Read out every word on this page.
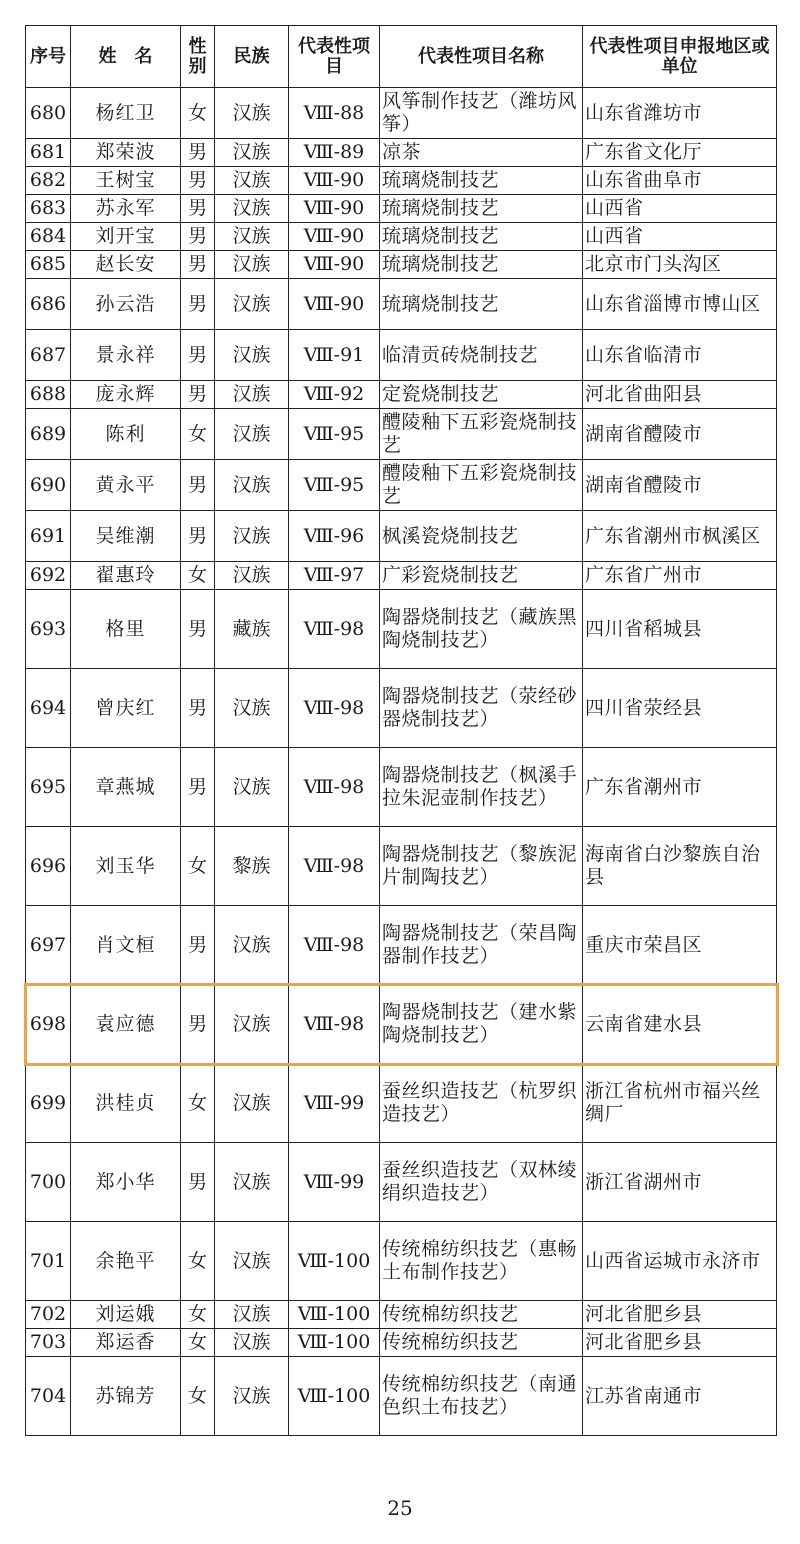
序号	姓　名	性别	民族	代表性项目	代表性项目名称	代表性项目申报地区或单位
680	杨红卫	女	汉族	Ⅷ-88	风筝制作技艺（潍坊风筝）	山东省潍坊市
681	郑荣波	男	汉族	Ⅷ-89	凉茶	广东省文化厅
682	王树宝	男	汉族	Ⅷ-90	琉璃烧制技艺	山东省曲阜市
683	苏永军	男	汉族	Ⅷ-90	琉璃烧制技艺	山西省
684	刘开宝	男	汉族	Ⅷ-90	琉璃烧制技艺	山西省
685	赵长安	男	汉族	Ⅷ-90	琉璃烧制技艺	北京市门头沟区
686	孙云浩	男	汉族	Ⅷ-90	琉璃烧制技艺	山东省淄博市博山区
687	景永祥	男	汉族	Ⅷ-91	临清贡砖烧制技艺	山东省临清市
688	庞永辉	男	汉族	Ⅷ-92	定瓷烧制技艺	河北省曲阳县
689	陈利	女	汉族	Ⅷ-95	醴陵釉下五彩瓷烧制技艺	湖南省醴陵市
690	黄永平	男	汉族	Ⅷ-95	醴陵釉下五彩瓷烧制技艺	湖南省醴陵市
691	吴维潮	男	汉族	Ⅷ-96	枫溪瓷烧制技艺	广东省潮州市枫溪区
692	翟惠玲	女	汉族	Ⅷ-97	广彩瓷烧制技艺	广东省广州市
693	格里	男	藏族	Ⅷ-98	陶器烧制技艺（藏族黑陶烧制技艺）	四川省稻城县
694	曾庆红	男	汉族	Ⅷ-98	陶器烧制技艺（荥经砂器烧制技艺）	四川省荥经县
695	章燕城	男	汉族	Ⅷ-98	陶器烧制技艺（枫溪手拉朱泥壶制作技艺）	广东省潮州市
696	刘玉华	女	黎族	Ⅷ-98	陶器烧制技艺（黎族泥片制陶技艺）	海南省白沙黎族自治县
697	肖文桓	男	汉族	Ⅷ-98	陶器烧制技艺（荣昌陶器制作技艺）	重庆市荣昌区
698	袁应德	男	汉族	Ⅷ-98	陶器烧制技艺（建水紫陶烧制技艺）	云南省建水县
699	洪桂贞	女	汉族	Ⅷ-99	蚕丝织造技艺（杭罗织造技艺）	浙江省杭州市福兴丝绸厂
700	郑小华	男	汉族	Ⅷ-99	蚕丝织造技艺（双林绫绢织造技艺）	浙江省湖州市
701	余艳平	女	汉族	Ⅷ-100	传统棉纺织技艺（惠畅土布制作技艺）	山西省运城市永济市
702	刘运娥	女	汉族	Ⅷ-100	传统棉纺织技艺	河北省肥乡县
703	郑运香	女	汉族	Ⅷ-100	传统棉纺织技艺	河北省肥乡县
704	苏锦芳	女	汉族	Ⅷ-100	传统棉纺织技艺（南通色织土布技艺）	江苏省南通市
25
